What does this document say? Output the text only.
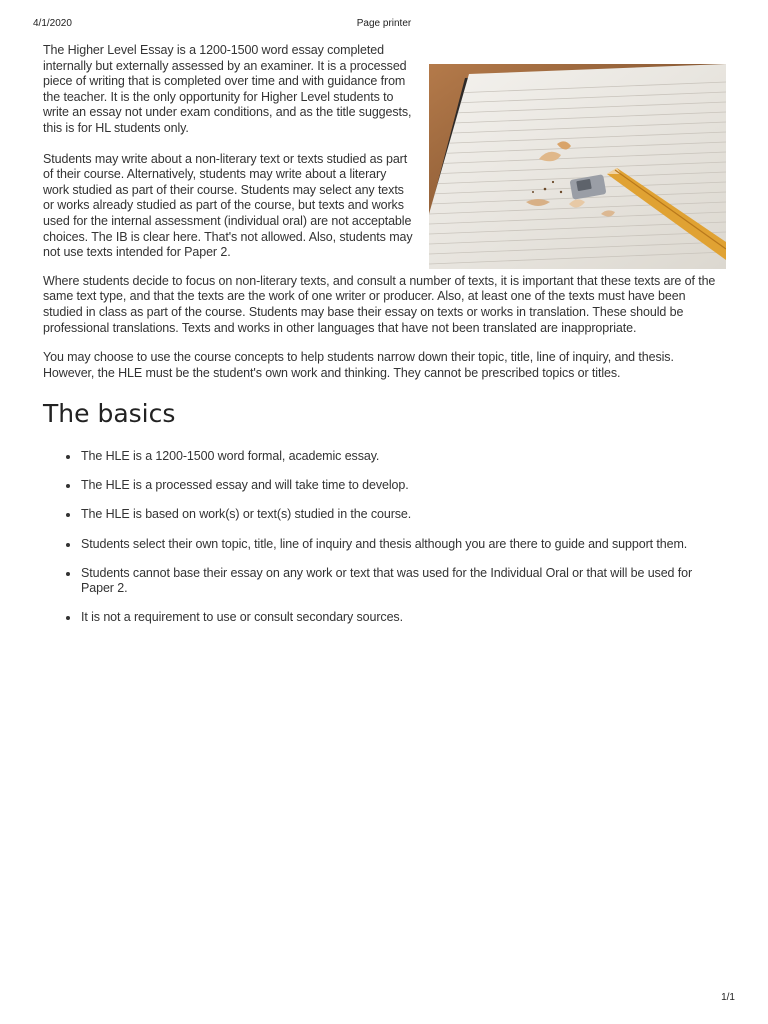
4/1/2020	Page printer

The Higher Level Essay is a 1200-1500 word essay completed internally but externally assessed by an examiner. It is a processed piece of writing that is completed over time and with guidance from the teacher. It is the only opportunity for Higher Level students to write an essay not under exam conditions, and as the title suggests, this is for HL students only.

Students may write about a non-literary text or texts studied as part of their course. Alternatively, students may write about a literary work studied as part of their course. Students may select any texts or works already studied as part of the course, but texts and works used for the internal assessment (individual oral) are not acceptable choices. The IB is clear here. That's not allowed. Also, students may not use texts intended for Paper 2.

Where students decide to focus on non-literary texts, and consult a number of texts, it is important that these texts are of the same text type, and that the texts are the work of one writer or producer. Also, at least one of the texts must have been studied in class as part of the course. Students may base their essay on texts or works in translation. These should be professional translations. Texts and works in other languages that have not been translated are inappropriate.

You may choose to use the course concepts to help students narrow down their topic, title, line of inquiry, and thesis. However, the HLE must be the student's own work and thinking. They cannot be prescribed topics or titles.

The basics
The HLE is a 1200-1500 word formal, academic essay.
The HLE is a processed essay and will take time to develop.
The HLE is based on work(s) or text(s) studied in the course.
Students select their own topic, title, line of inquiry and thesis although you are there to guide and support them.
Students cannot base their essay on any work or text that was used for the Individual Oral or that will be used for Paper 2.
It is not a requirement to use or consult secondary sources.
1/1
